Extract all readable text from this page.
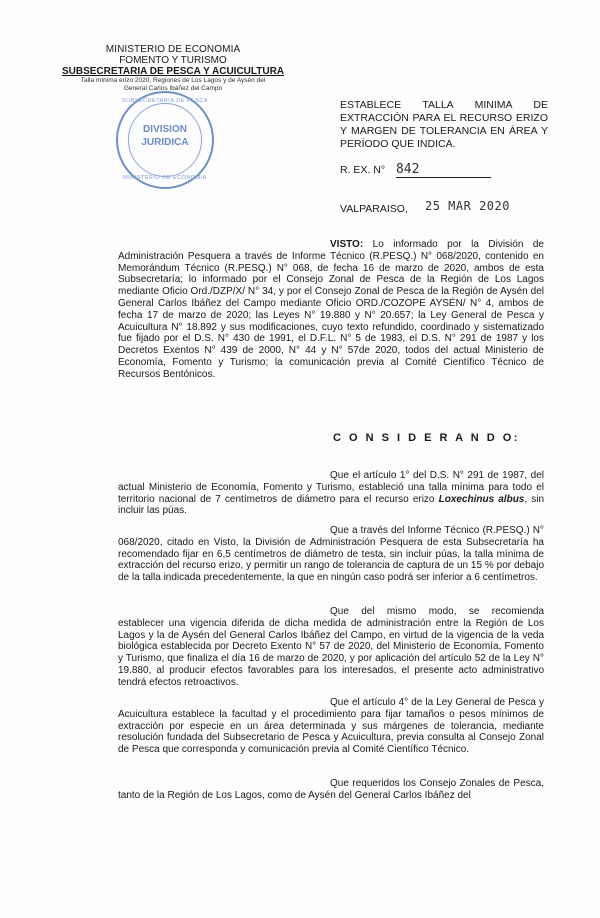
MINISTERIO DE ECONOMIA
FOMENTO Y TURISMO
SUBSECRETARIA DE PESCA Y ACUICULTURA
Talla mínima erizo 2020, Regiones de Los Lagos y de Aysén del
General Carlos Ibáñez del Campo
SUBSECRETARIA DE PESCA
DIVISION
JURIDICA
MINISTERIO DE ECONOMIA
ESTABLECE TALLA MINIMA DE EXTRACCIÓN PARA EL RECURSO ERIZO Y MARGEN DE TOLERANCIA EN ÁREA Y PERÍODO QUE INDICA.
R. EX. N° 842
VALPARAISO, 25 MAR 2020
VISTO: Lo informado por la División de Administración Pesquera a través de Informe Técnico (R.PESQ.) N° 068/2020, contenido en Memorándum Técnico (R.PESQ.) N° 068, de fecha 16 de marzo de 2020, ambos de esta Subsecretaría; lo informado por el Consejo Zonal de Pesca de la Región de Los Lagos mediante Oficio Ord./DZP/X/ N° 34, y por el Consejo Zonal de Pesca de la Región de Aysén del General Carlos Ibáñez del Campo mediante Oficio ORD./COZOPE AYSÉN/ N° 4, ambos de fecha 17 de marzo de 2020; las Leyes N° 19.880 y N° 20.657; la Ley General de Pesca y Acuicultura N° 18.892 y sus modificaciones, cuyo texto refundido, coordinado y sistematizado fue fijado por el D.S. N° 430 de 1991, el D.F.L. N° 5 de 1983, el D.S. N° 291 de 1987 y los Decretos Exentos N° 439 de 2000, N° 44 y N° 57de 2020, todos del actual Ministerio de Economía, Fomento y Turismo; la comunicación previa al Comité Científico Técnico de Recursos Bentónicos.
C O N S I D E R A N D O:
Que el artículo 1° del D.S. N° 291 de 1987, del actual Ministerio de Economía, Fomento y Turismo, estableció una talla mínima para todo el territorio nacional de 7 centímetros de diámetro para el recurso erizo Loxechinus albus, sin incluir las púas.
Que a través del Informe Técnico (R.PESQ.) N° 068/2020, citado en Visto, la División de Administración Pesquera de esta Subsecretaría ha recomendado fijar en 6,5 centímetros de diámetro de testa, sin incluir púas, la talla mínima de extracción del recurso erizo, y permitir un rango de tolerancia de captura de un 15 % por debajo de la talla indicada precedentemente, la que en ningún caso podrá ser inferior a 6 centímetros.
Que del mismo modo, se recomienda establecer una vigencia diferida de dicha medida de administración entre la Región de Los Lagos y la de Aysén del General Carlos Ibáñez del Campo, en virtud de la vigencia de la veda biológica establecida por Decreto Exento N° 57 de 2020, del Ministerio de Economía, Fomento y Turismo, que finaliza el día 16 de marzo de 2020, y por aplicación del artículo 52 de la Ley N° 19.880, al producir efectos favorables para los interesados, el presente acto administrativo tendrá efectos retroactivos.
Que el artículo 4° de la Ley General de Pesca y Acuicultura establece la facultad y el procedimiento para fijar tamaños o pesos mínimos de extracción por especie en un área determinada y sus márgenes de tolerancia, mediante resolución fundada del Subsecretario de Pesca y Acuicultura, previa consulta al Consejo Zonal de Pesca que corresponda y comunicación previa al Comité Científico Técnico.
Que requeridos los Consejo Zonales de Pesca, tanto de la Región de Los Lagos, como de Aysén del General Carlos Ibáñez del
